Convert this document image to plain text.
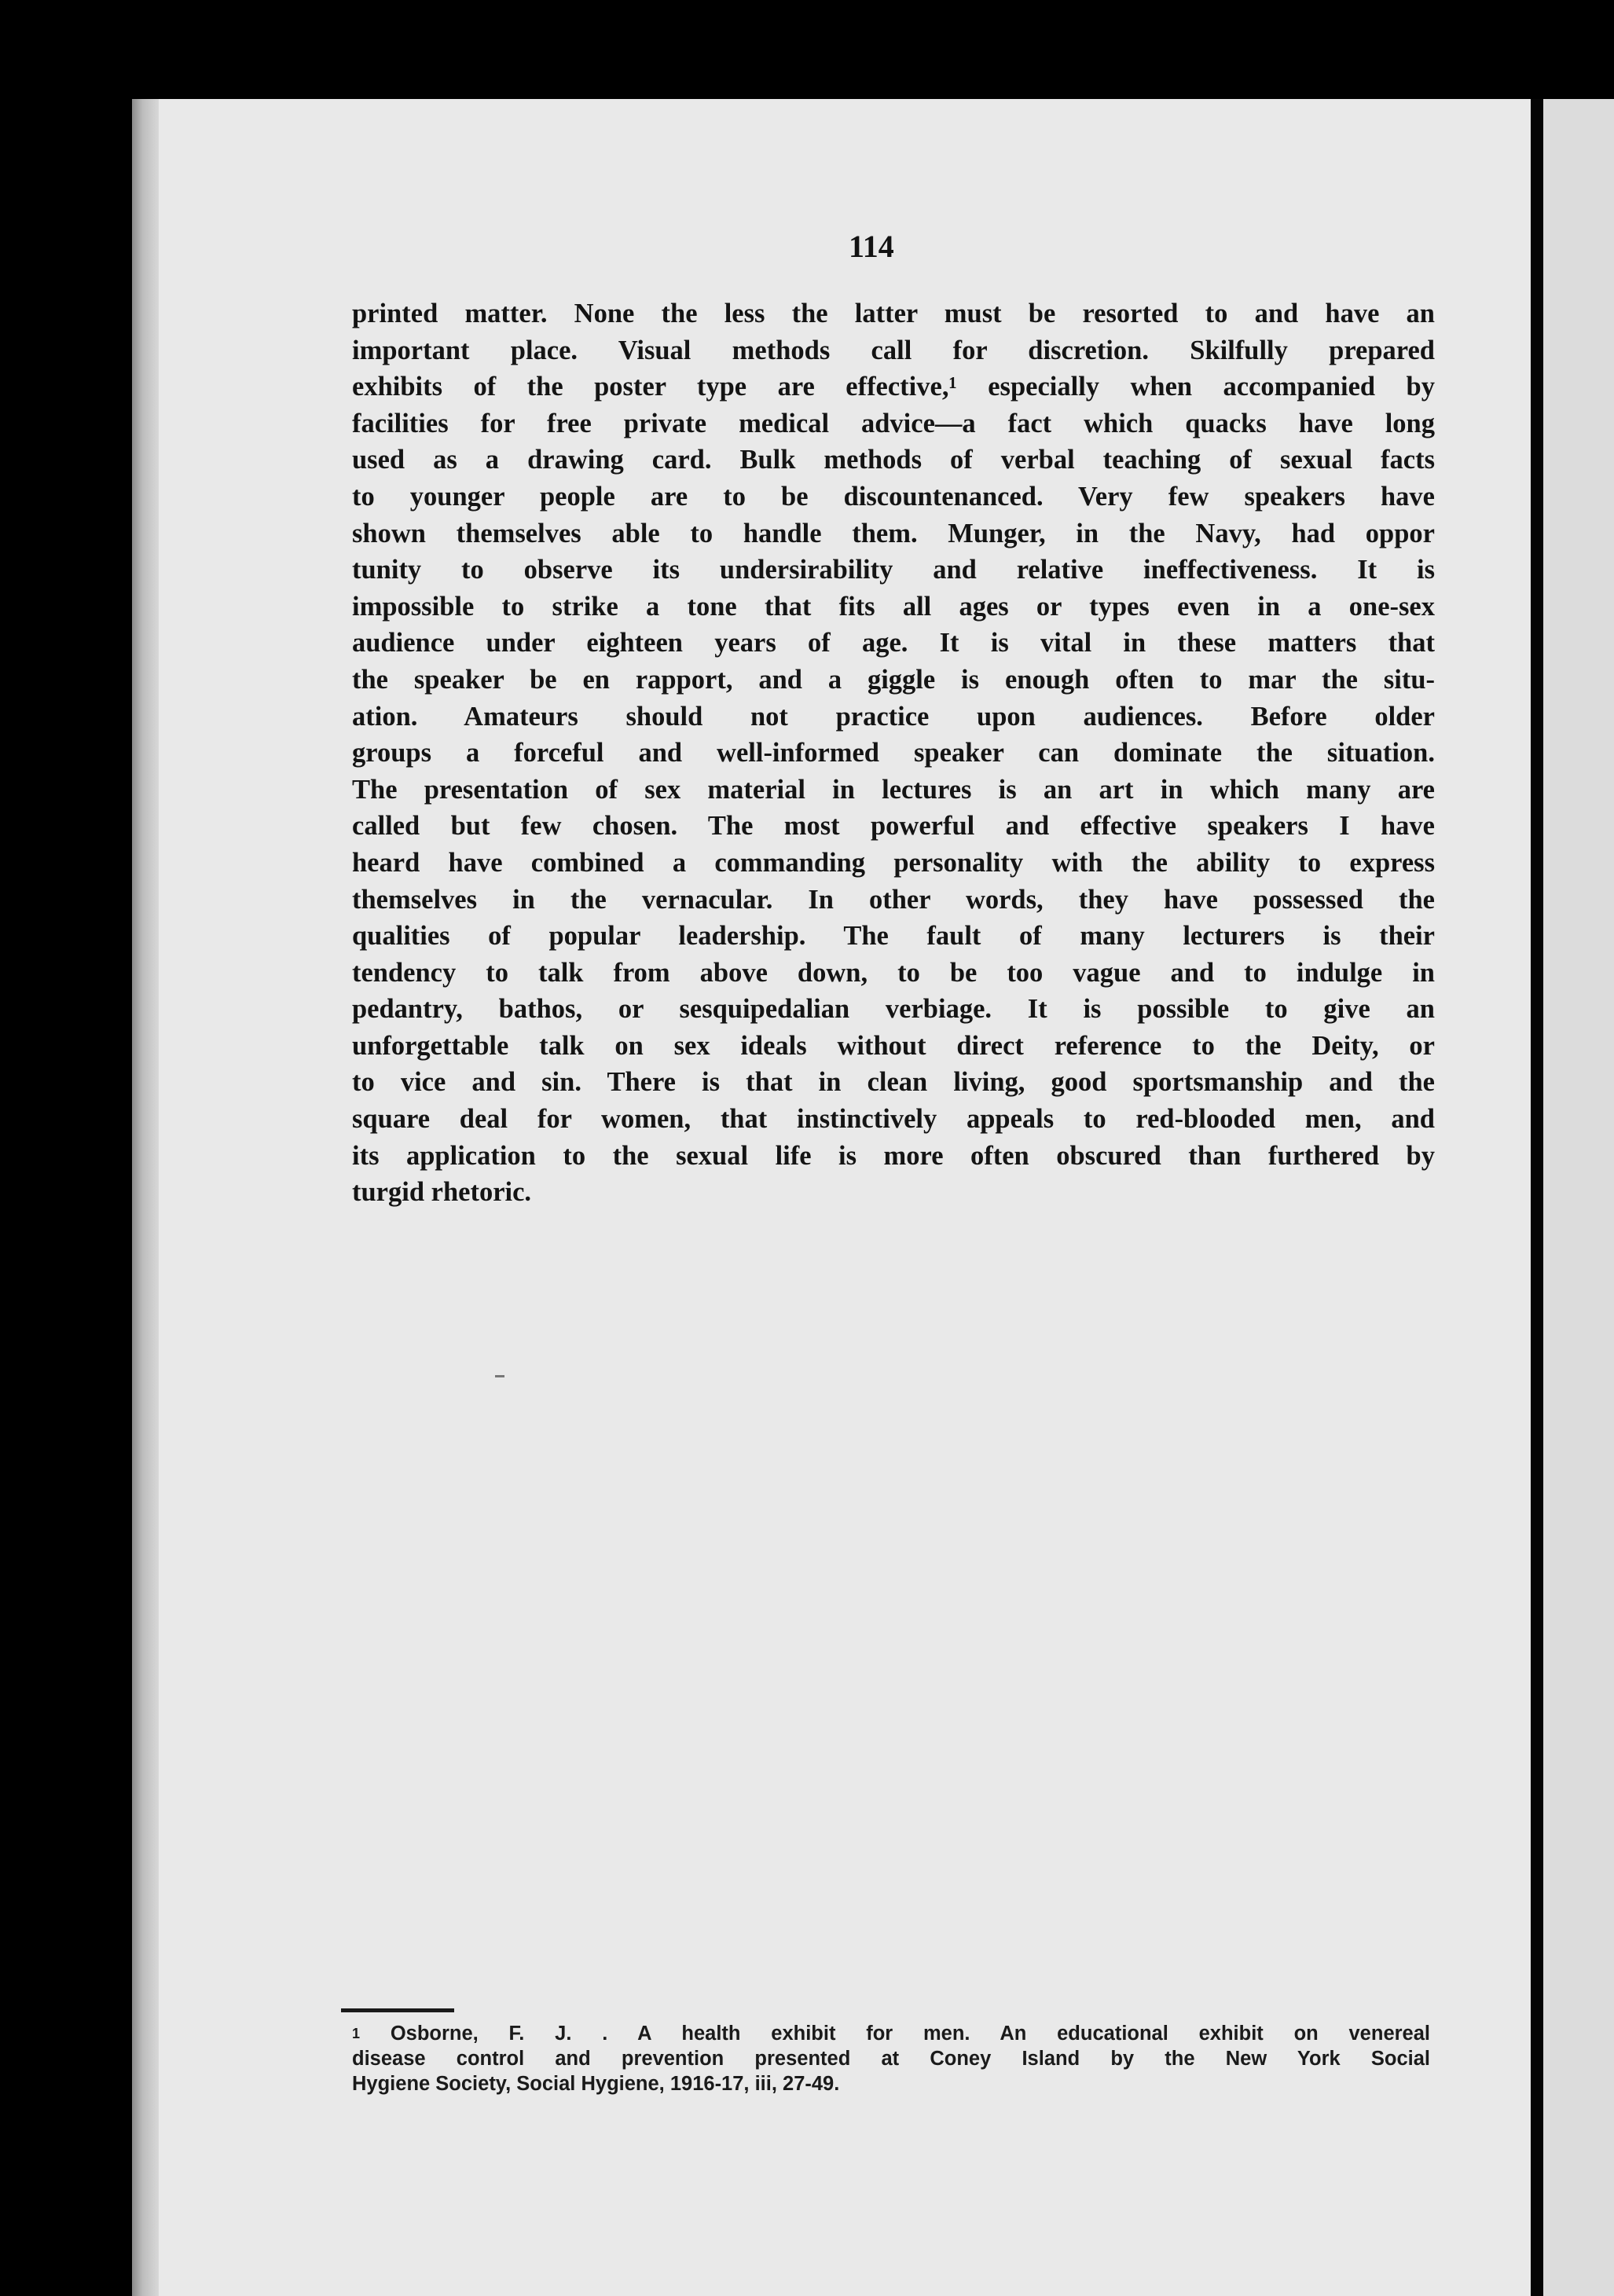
114
printed matter. None the less the latter must be resorted to and have an
important place. Visual methods call for discretion. Skilfully prepared
exhibits of the poster type are effective,¹ especially when accompanied by
facilities for free private medical advice—a fact which quacks have long
used as a drawing card. Bulk methods of verbal teaching of sexual facts
to younger people are to be discountenanced. Very few speakers have
shown themselves able to handle them. Munger, in the Navy, had oppor
tunity to observe its undersirability and relative ineffectiveness. It is
impossible to strike a tone that fits all ages or types even in a one-sex
audience under eighteen years of age. It is vital in these matters that
the speaker be en rapport, and a giggle is enough often to mar the situ-
ation. Amateurs should not practice upon audiences. Before older
groups a forceful and well-informed speaker can dominate the situation.
The presentation of sex material in lectures is an art in which many are
called but few chosen. The most powerful and effective speakers I have
heard have combined a commanding personality with the ability to express
themselves in the vernacular. In other words, they have possessed the
qualities of popular leadership. The fault of many lecturers is their
tendency to talk from above down, to be too vague and to indulge in
pedantry, bathos, or sesquipedalian verbiage. It is possible to give an
unforgettable talk on sex ideals without direct reference to the Deity, or
to vice and sin. There is that in clean living, good sportsmanship and the
square deal for women, that instinctively appeals to red-blooded men, and
its application to the sexual life is more often obscured than furthered by
turgid rhetoric.
$^1$ Osborne, F. J. . A health exhibit for men. An educational exhibit on venereal
disease control and prevention presented at Coney Island by the New York Social
Hygiene Society, Social Hygiene, 1916-17, iii, 27-49.
